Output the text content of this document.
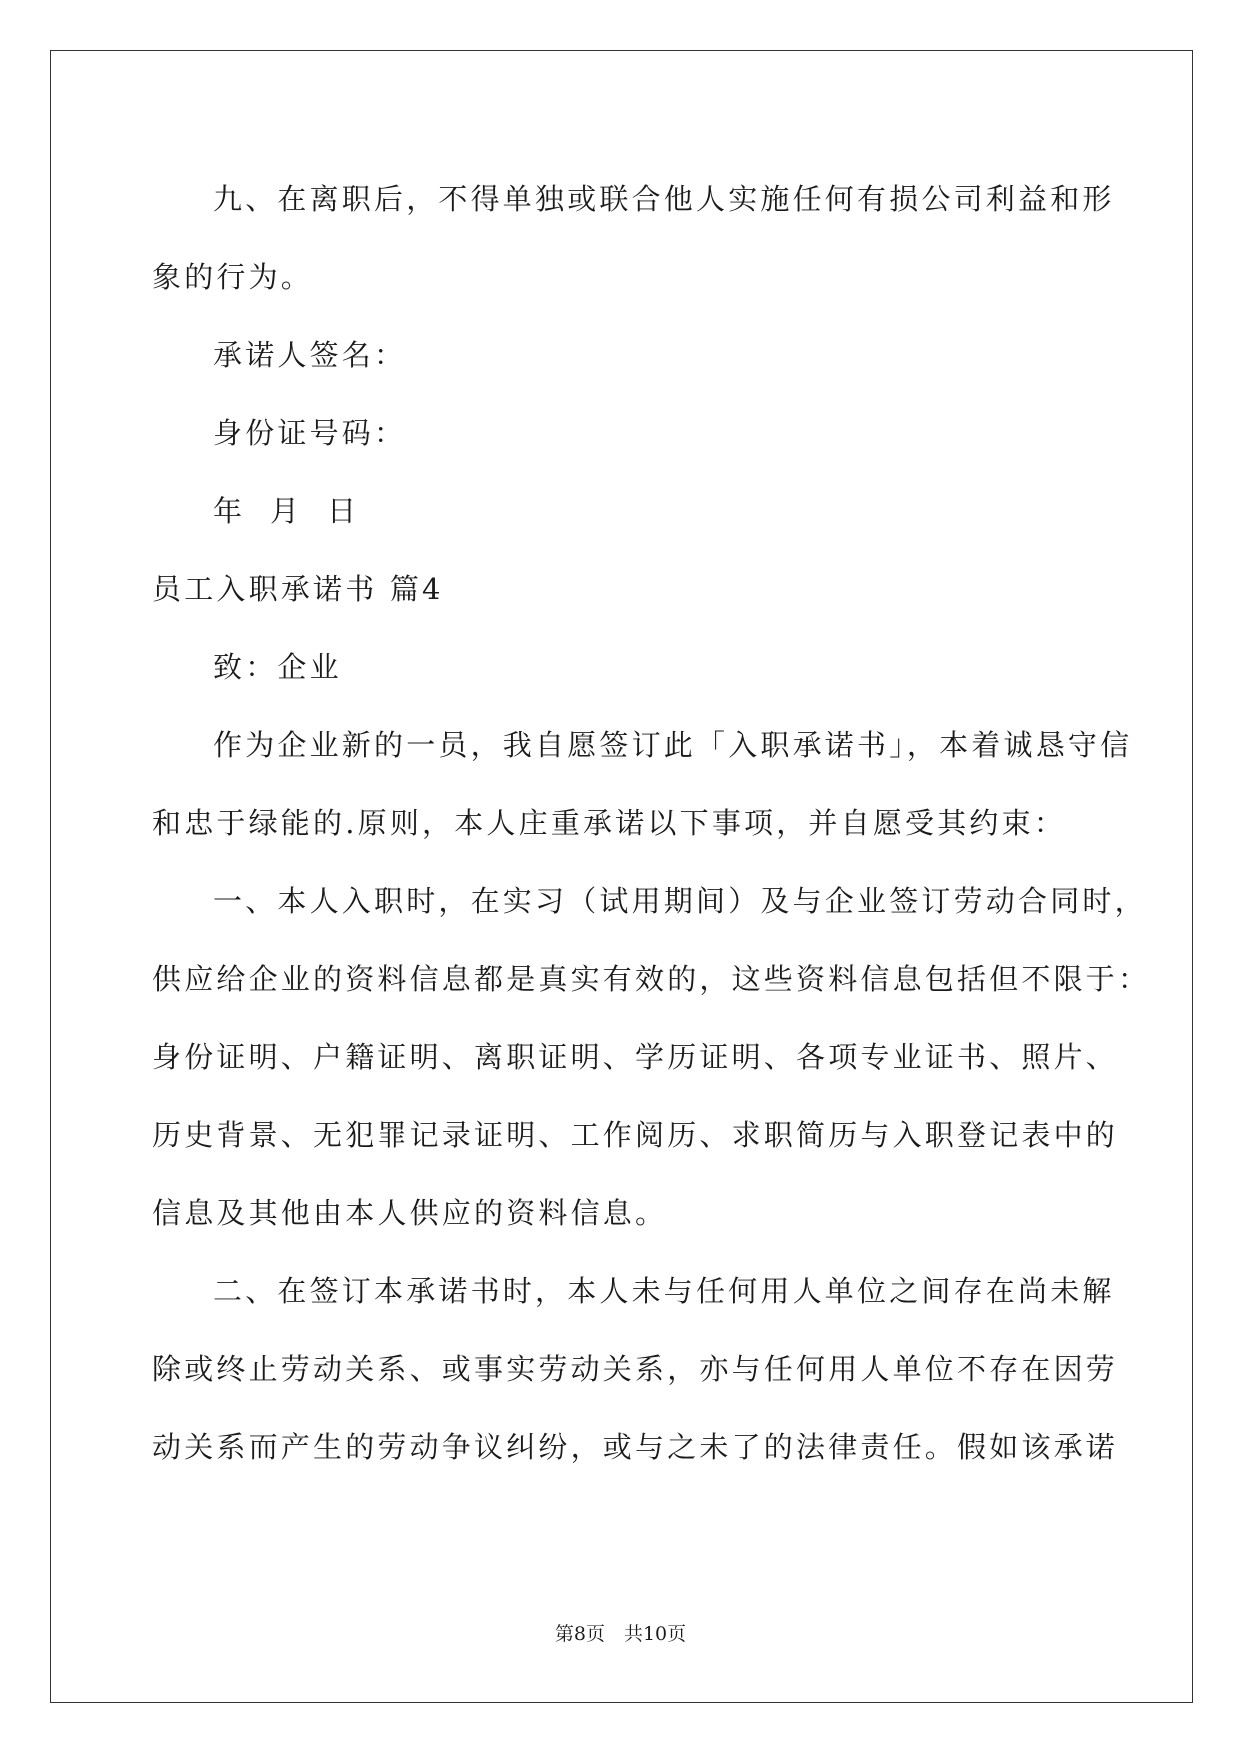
九、在离职后，不得单独或联合他人实施任何有损公司利益和形
象的行为。
承诺人签名：
身份证号码：
年  月  日
员工入职承诺书 篇4
致：企业
作为企业新的一员，我自愿签订此「入职承诺书」，本着诚恳守信
和忠于绿能的.原则，本人庄重承诺以下事项，并自愿受其约束：
一、本人入职时，在实习（试用期间）及与企业签订劳动合同时，
供应给企业的资料信息都是真实有效的，这些资料信息包括但不限于：
身份证明、户籍证明、离职证明、学历证明、各项专业证书、照片、
历史背景、无犯罪记录证明、工作阅历、求职简历与入职登记表中的
信息及其他由本人供应的资料信息。
二、在签订本承诺书时，本人未与任何用人单位之间存在尚未解
除或终止劳动关系、或事实劳动关系，亦与任何用人单位不存在因劳
动关系而产生的劳动争议纠纷，或与之未了的法律责任。假如该承诺
第8页　共10页
